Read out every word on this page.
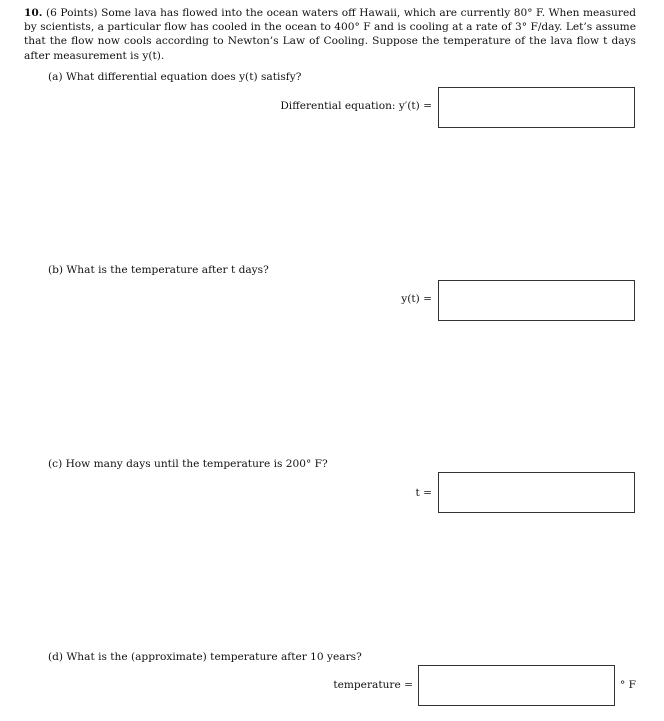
10. (6 Points) Some lava has flowed into the ocean waters off Hawaii, which are currently 80° F. When measured by scientists, a particular flow has cooled in the ocean to 400° F and is cooling at a rate of 3° F/day. Let’s assume that the flow now cools according to Newton’s Law of Cooling. Suppose the temperature of the lava flow t days after measurement is y(t).
(a) What differential equation does y(t) satisfy?
Differential equation: y′(t) =
(b) What is the temperature after t days?
y(t) =
(c) How many days until the temperature is 200° F?
t =
(d) What is the (approximate) temperature after 10 years?
temperature =	° F
